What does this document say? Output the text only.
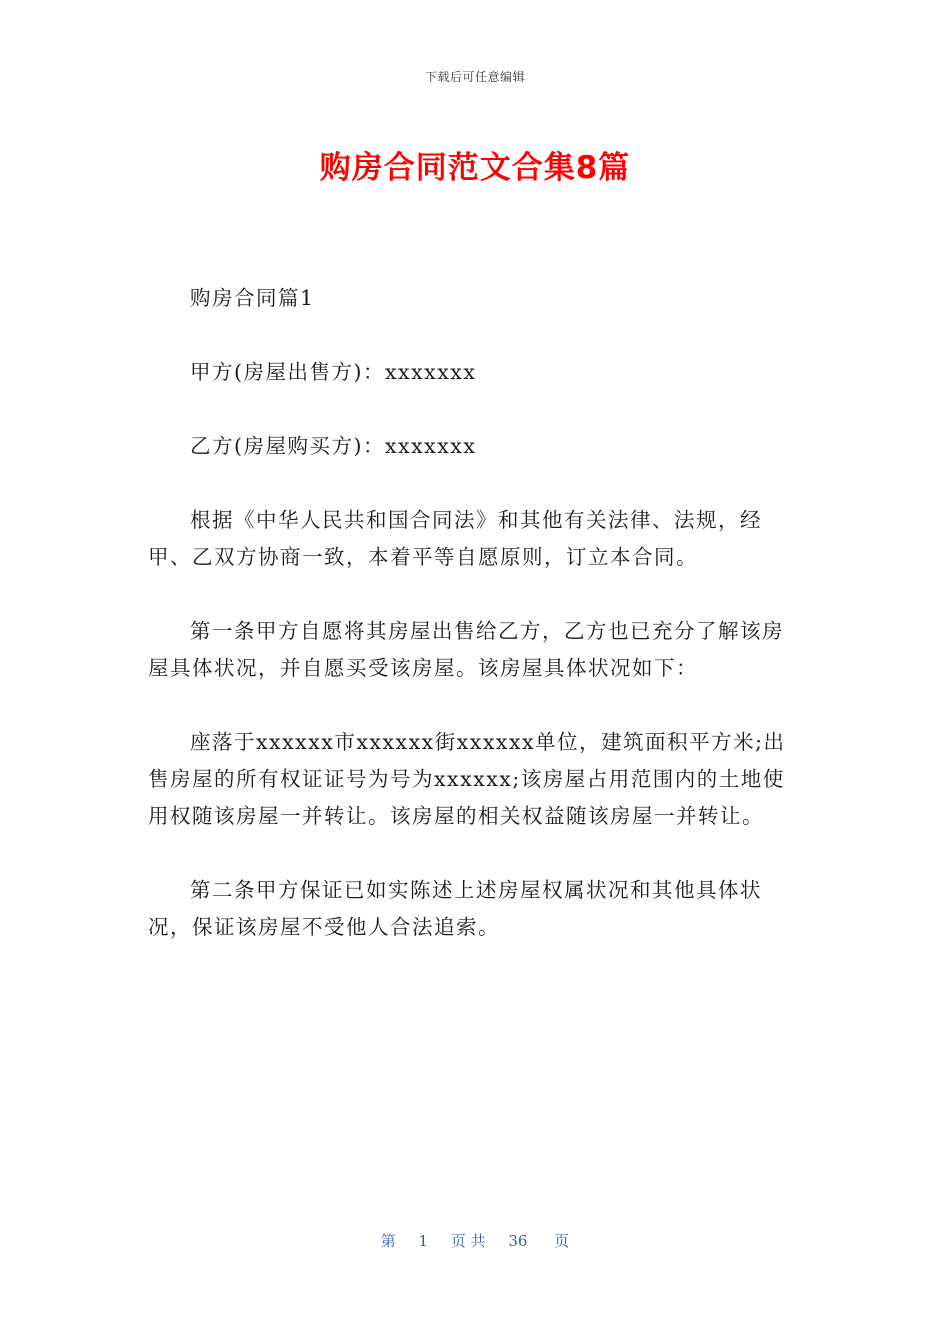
下载后可任意编辑
购房合同范文合集8篇

购房合同篇1

甲方(房屋出售方)：xxxxxxx

乙方(房屋购买方)：xxxxxxx

根据《中华人民共和国合同法》和其他有关法律、法规，经甲、乙双方协商一致，本着平等自愿原则，订立本合同。

第一条甲方自愿将其房屋出售给乙方，乙方也已充分了解该房屋具体状况，并自愿买受该房屋。该房屋具体状况如下：

座落于xxxxxx市xxxxxx街xxxxxx单位，建筑面积平方米;出售房屋的所有权证证号为号为xxxxxx;该房屋占用范围内的土地使用权随该房屋一并转让。该房屋的相关权益随该房屋一并转让。

第二条甲方保证已如实陈述上述房屋权属状况和其他具体状况，保证该房屋不受他人合法追索。

第 1 页 共 36 页
